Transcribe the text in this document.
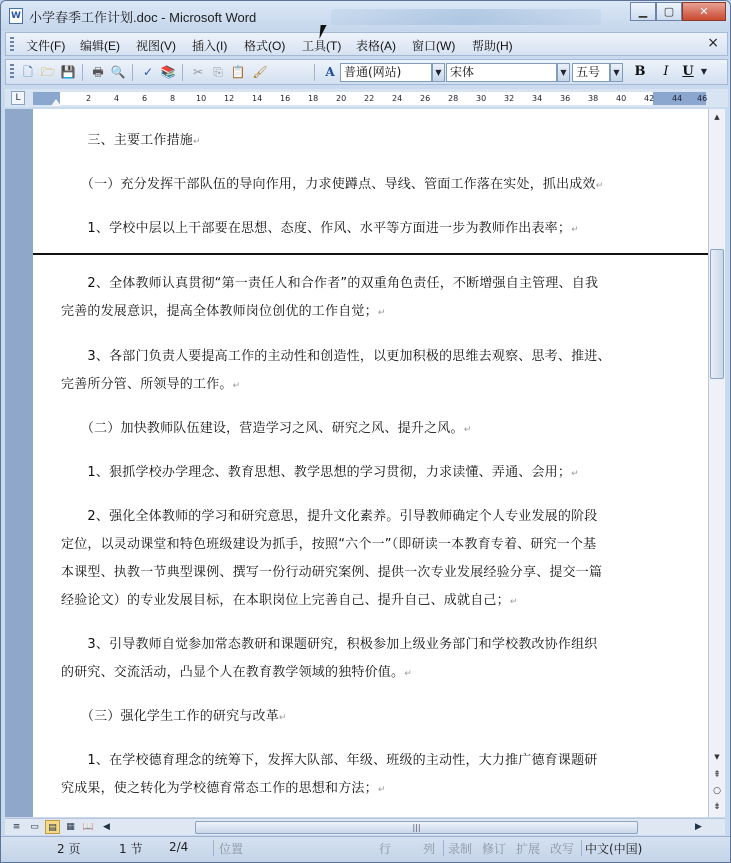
W 小学春季工作计划.doc - Microsoft Word	▁	▢	✕
文件(F) 编辑(E) 视图(V) 插入(I) 格式(O) 工具(T) 表格(A) 窗口(W) 帮助(H)	×
🗋 🗁 💾 🖶 🔍 ✓ 📚 ✂ ⎘ 📋 🖌	A 普通(网站)	▼ 宋体	▼ 五号	▼ B	I	U ▼
L	2	4	6	8	10 12 14 16 18 20 22 24 26 28 30 32 34 36 38 40 42 44 46
　　三、主要工作措施↵
　　（一）充分发挥干部队伍的导向作用，力求使蹲点、导线、管面工作落在实处，抓出成效↵
　　1、学校中层以上干部要在思想、态度、作风、水平等方面进一步为教师作出表率；↵
　　2、全体教师认真贯彻“第一责任人和合作者”的双重角色责任，不断增强自主管理、自我
完善的发展意识，提高全体教师岗位创优的工作自觉；↵
　　3、各部门负责人要提高工作的主动性和创造性，以更加积极的思维去观察、思考、推进、
完善所分管、所领导的工作。↵
　　（二）加快教师队伍建设，营造学习之风、研究之风、提升之风。↵
　　1、狠抓学校办学理念、教育思想、教学思想的学习贯彻，力求读懂、弄通、会用；↵
　　2、强化全体教师的学习和研究意思，提升文化素养。引导教师确定个人专业发展的阶段
定位，以灵动课堂和特色班级建设为抓手，按照“六个一”（即研读一本教育专着、研究一个基
本课型、执教一节典型课例、撰写一份行动研究案例、提供一次专业发展经验分享、提交一篇
经验论文）的专业发展目标，在本职岗位上完善自己、提升自己、成就自己；↵
　　3、引导教师自觉参加常态教研和课题研究，积极参加上级业务部门和学校教改协作组织
的研究、交流活动，凸显个人在教育教学领域的独特价值。↵
　　（三）强化学生工作的研究与改革↵
　　1、在学校德育理念的统筹下，发挥大队部、年级、班级的主动性，大力推广德育课题研
究成果，使之转化为学校德育常态工作的思想和方法；↵
▲
▼
⇞
○
⇟
≡	▭	▤	▦ 📖 ◀	|||	▶
2 页	1 节 2/4	位置	行	列 录制 修订 扩展 改写 中文(中国)
